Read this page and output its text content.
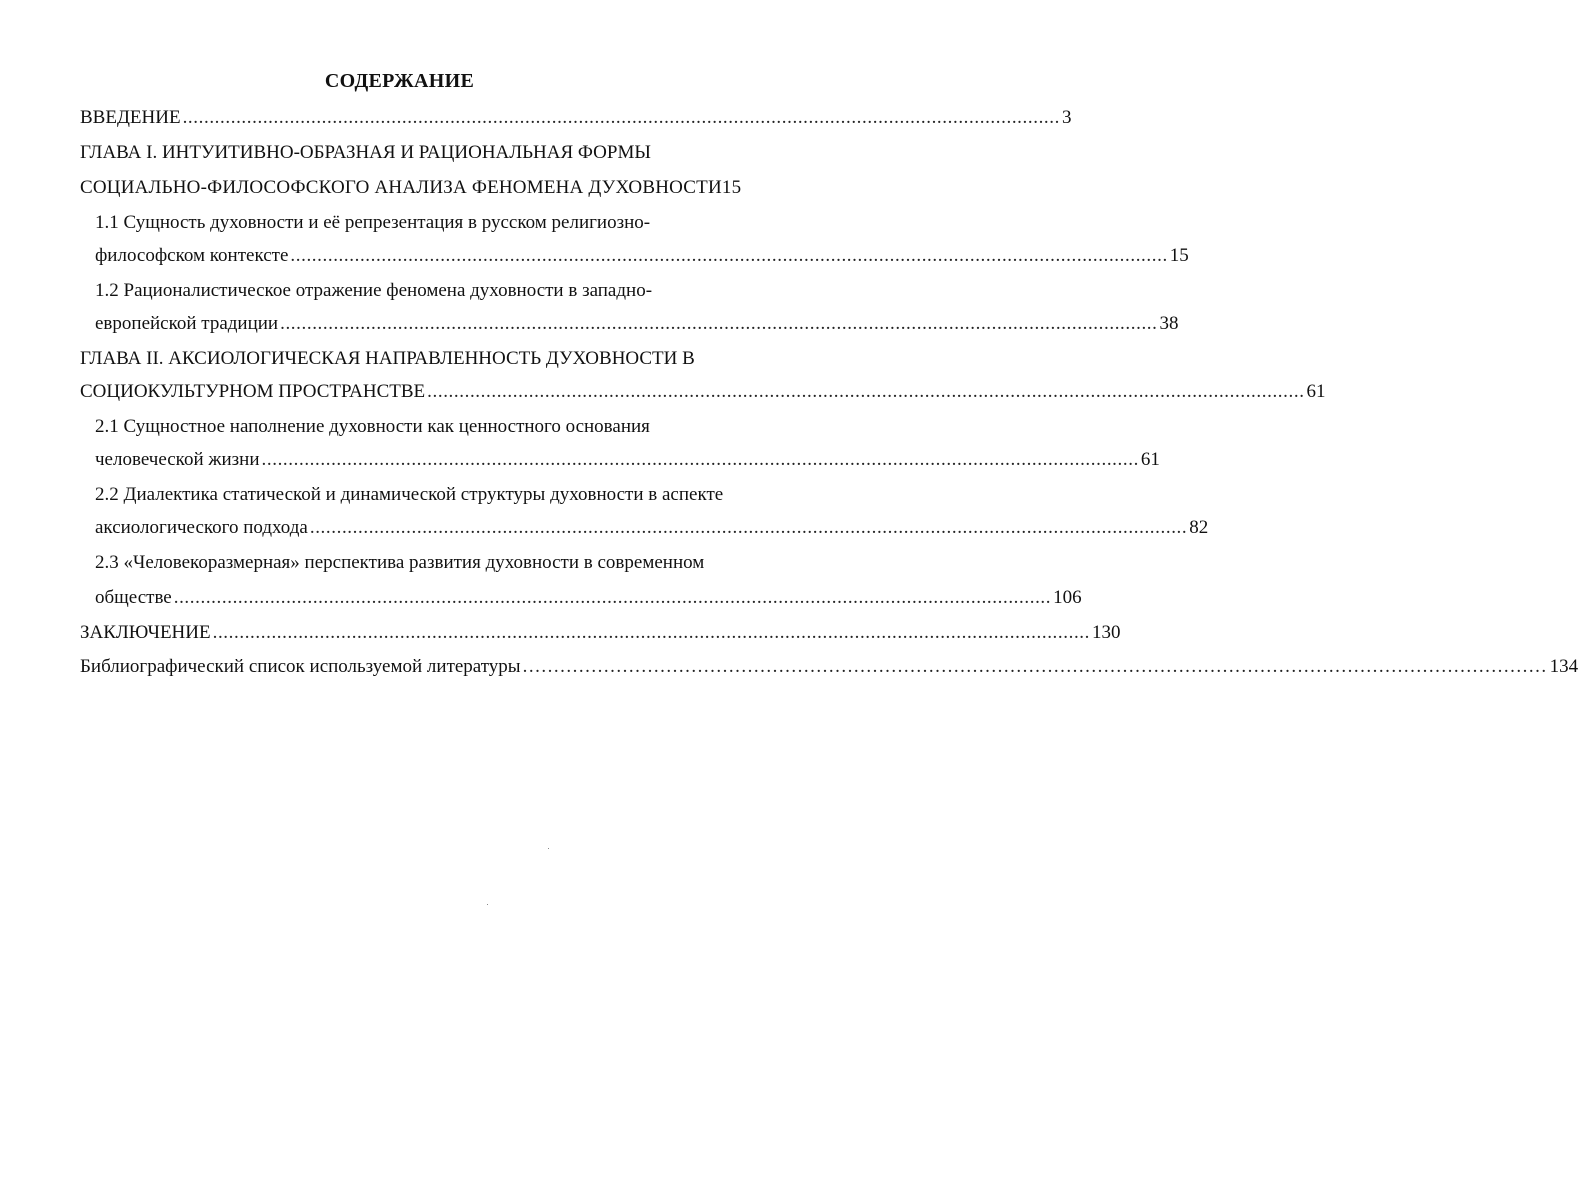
СОДЕРЖАНИЕ
ВВЕДЕНИЕ .................................................................................................................................................................... 3
ГЛАВА I. ИНТУИТИВНО-ОБРАЗНАЯ И РАЦИОНАЛЬНАЯ ФОРМЫ
СОЦИАЛЬНО-ФИЛОСОФСКОГО АНАЛИЗА ФЕНОМЕНА ДУХОВНОСТИ15
1.1 Сущность духовности и её репрезентация в русском религиозно-
философском контексте .................................................................................................................................................................... 15
1.2 Рационалистическое отражение феномена духовности в западно-
европейской традиции .................................................................................................................................................................... 38
ГЛАВА II. АКСИОЛОГИЧЕСКАЯ НАПРАВЛЕННОСТЬ ДУХОВНОСТИ В
СОЦИОКУЛЬТУРНОМ ПРОСТРАНСТВЕ .................................................................................................................................................................... 61
2.1 Сущностное наполнение духовности как ценностного основания
человеческой жизни .................................................................................................................................................................... 61
2.2 Диалектика статической и динамической структуры духовности в аспекте
аксиологического подхода .................................................................................................................................................................... 82
2.3 «Человекоразмерная» перспектива развития духовности в современном
обществе .................................................................................................................................................................... 106
ЗАКЛЮЧЕНИЕ .................................................................................................................................................................... 130
Библиографический список используемой литературы .................................................................................................................................................................... 134
